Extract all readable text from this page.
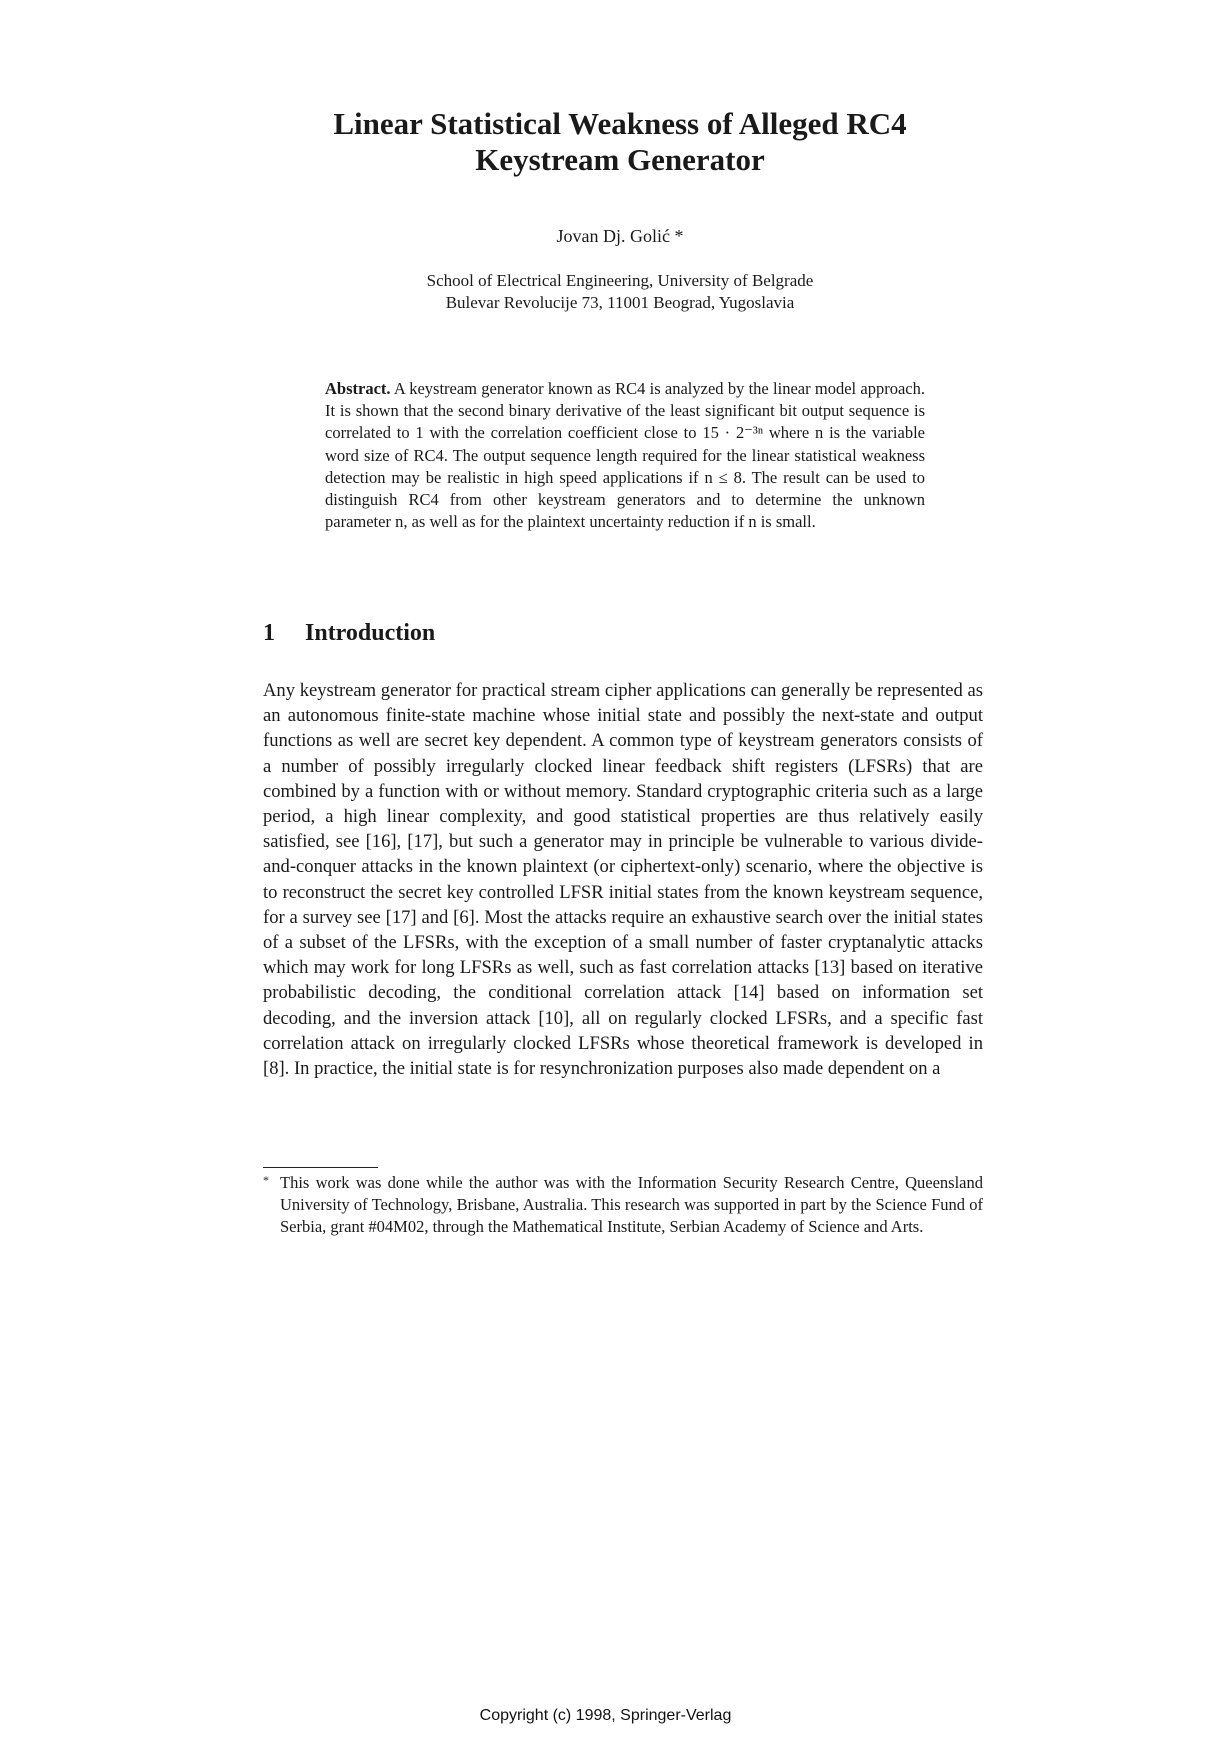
Linear Statistical Weakness of Alleged RC4
Keystream Generator
Jovan Dj. Golić *
School of Electrical Engineering, University of Belgrade
Bulevar Revolucije 73, 11001 Beograd, Yugoslavia
Abstract. A keystream generator known as RC4 is analyzed by the linear model approach. It is shown that the second binary derivative of the least significant bit output sequence is correlated to 1 with the correlation coefficient close to 15 · 2⁻³ⁿ where n is the variable word size of RC4. The output sequence length required for the linear statistical weakness detection may be realistic in high speed applications if n ≤ 8. The result can be used to distinguish RC4 from other keystream generators and to determine the unknown parameter n, as well as for the plaintext uncertainty reduction if n is small.
1 Introduction
Any keystream generator for practical stream cipher applications can generally be represented as an autonomous finite-state machine whose initial state and possibly the next-state and output functions as well are secret key dependent. A common type of keystream generators consists of a number of possibly irregularly clocked linear feedback shift registers (LFSRs) that are combined by a function with or without memory. Standard cryptographic criteria such as a large period, a high linear complexity, and good statistical properties are thus relatively easily satisfied, see [16], [17], but such a generator may in principle be vulnerable to various divide-and-conquer attacks in the known plaintext (or ciphertext-only) scenario, where the objective is to reconstruct the secret key controlled LFSR initial states from the known keystream sequence, for a survey see [17] and [6]. Most the attacks require an exhaustive search over the initial states of a subset of the LFSRs, with the exception of a small number of faster cryptanalytic attacks which may work for long LFSRs as well, such as fast correlation attacks [13] based on iterative probabilistic decoding, the conditional correlation attack [14] based on information set decoding, and the inversion attack [10], all on regularly clocked LFSRs, and a specific fast correlation attack on irregularly clocked LFSRs whose theoretical framework is developed in [8]. In practice, the initial state is for resynchronization purposes also made dependent on a
* This work was done while the author was with the Information Security Research Centre, Queensland University of Technology, Brisbane, Australia. This research was supported in part by the Science Fund of Serbia, grant #04M02, through the Mathematical Institute, Serbian Academy of Science and Arts.
Copyright (c) 1998, Springer-Verlag
